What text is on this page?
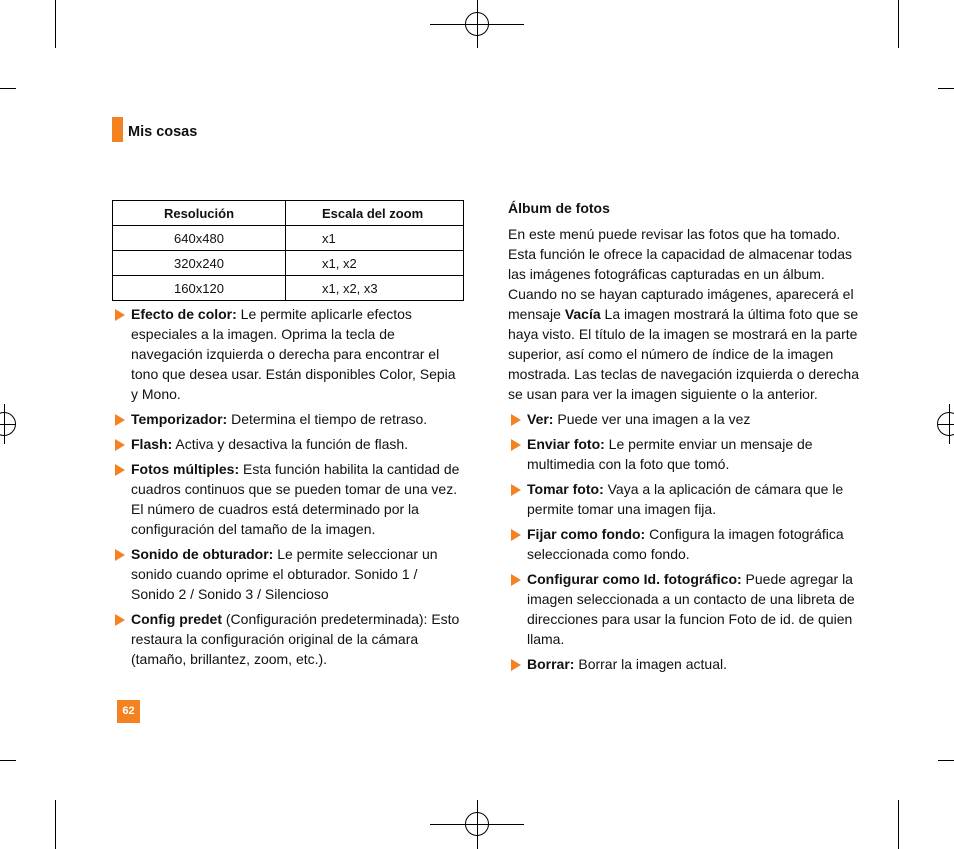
Mis cosas
Resolución	Escala del zoom
640x480	x1
320x240	x1, x2
160x120	x1, x2, x3
Efecto de color: Le permite aplicarle efectos especiales a la imagen. Oprima la tecla de navegación izquierda o derecha para encontrar el tono que desea usar. Están disponibles Color, Sepia y Mono.
Temporizador: Determina el tiempo de retraso.
Flash: Activa y desactiva la función de flash.
Fotos múltiples: Esta función habilita la cantidad de cuadros continuos que se pueden tomar de una vez. El número de cuadros está determinado por la configuración del tamaño de la imagen.
Sonido de obturador: Le permite seleccionar un sonido cuando oprime el obturador. Sonido 1 / Sonido 2 / Sonido 3 / Silencioso
Config predet (Configuración predeterminada): Esto restaura la configuración original de la cámara (tamaño, brillantez, zoom, etc.).
Álbum de fotos
En este menú puede revisar las fotos que ha tomado. Esta función le ofrece la capacidad de almacenar todas las imágenes fotográficas capturadas en un álbum. Cuando no se hayan capturado imágenes, aparecerá el mensaje Vacía La imagen mostrará la última foto que se haya visto. El título de la imagen se mostrará en la parte superior, así como el número de índice de la imagen mostrada. Las teclas de navegación izquierda o derecha se usan para ver la imagen siguiente o la anterior.
Ver: Puede ver una imagen a la vez
Enviar foto: Le permite enviar un mensaje de multimedia con la foto que tomó.
Tomar foto: Vaya a la aplicación de cámara que le permite tomar una imagen fija.
Fijar como fondo: Configura la imagen fotográfica seleccionada como fondo.
Configurar como Id. fotográfico: Puede agregar la imagen seleccionada a un contacto de una libreta de direcciones para usar la funcion Foto de id. de quien llama.
Borrar: Borrar la imagen actual.
62
